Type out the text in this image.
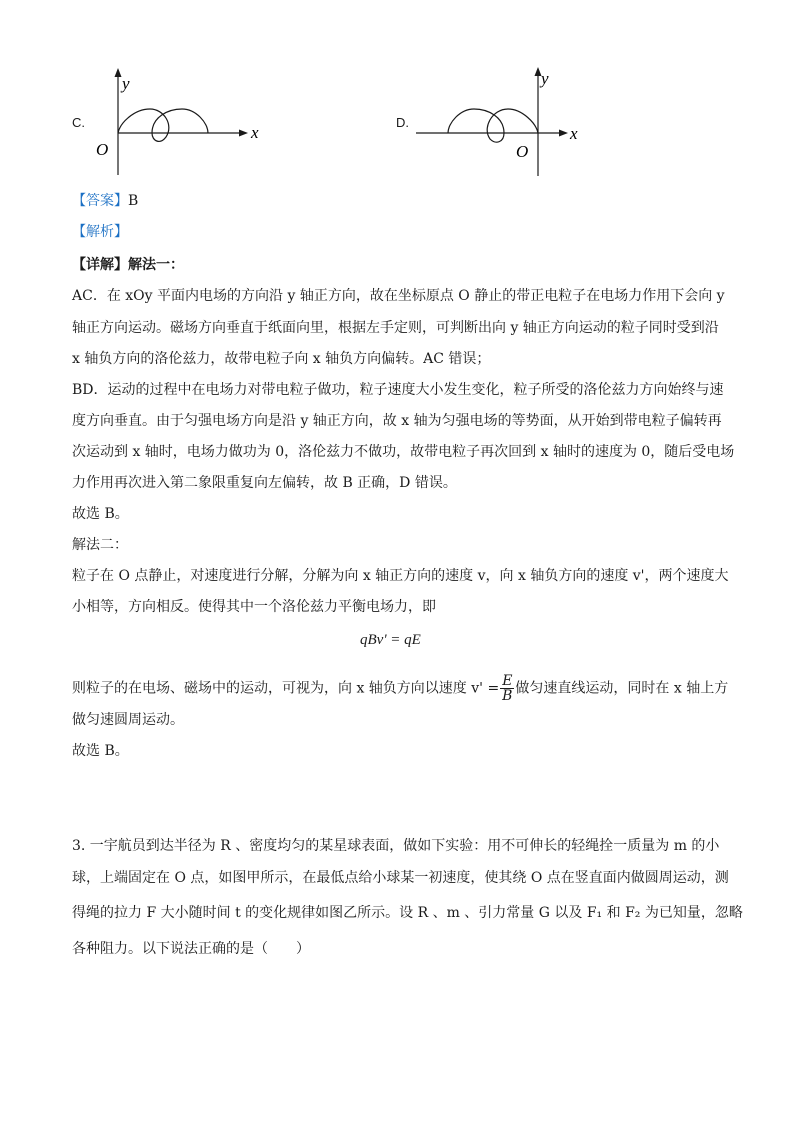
C.
y
x
O
D.
y
x
O
【答案】B
【解析】
【详解】解法一：
AC．在 xOy 平面内电场的方向沿 y 轴正方向，故在坐标原点 O 静止的带正电粒子在电场力作用下会向 y
轴正方向运动。磁场方向垂直于纸面向里，根据左手定则，可判断出向 y 轴正方向运动的粒子同时受到沿
x 轴负方向的洛伦兹力，故带电粒子向 x 轴负方向偏转。AC 错误；
BD．运动的过程中在电场力对带电粒子做功，粒子速度大小发生变化，粒子所受的洛伦兹力方向始终与速
度方向垂直。由于匀强电场方向是沿 y 轴正方向，故 x 轴为匀强电场的等势面，从开始到带电粒子偏转再
次运动到 x 轴时，电场力做功为 0，洛伦兹力不做功，故带电粒子再次回到 x 轴时的速度为 0，随后受电场
力作用再次进入第二象限重复向左偏转，故 B 正确，D 错误。
故选 B。
解法二：
粒子在 O 点静止，对速度进行分解，分解为向 x 轴正方向的速度 v，向 x 轴负方向的速度 v'，两个速度大
小相等，方向相反。使得其中一个洛伦兹力平衡电场力，即
qBv' = qE
则粒子的在电场、磁场中的运动，可视为，向 x 轴负方向以速度 $v' = \frac{E}{B}$ 做匀速直线运动，同时在 x 轴上方
做匀速圆周运动。
故选 B。
3. 一宇航员到达半径为 R 、密度均匀的某星球表面，做如下实验：用不可伸长的轻绳拴一质量为 m 的小
球，上端固定在 O 点，如图甲所示，在最低点给小球某一初速度，使其绕 O 点在竖直面内做圆周运动，测
得绳的拉力 F 大小随时间 t 的变化规律如图乙所示。设 R 、m 、引力常量 G 以及 F₁ 和 F₂ 为已知量，忽略
各种阻力。以下说法正确的是（　　）
